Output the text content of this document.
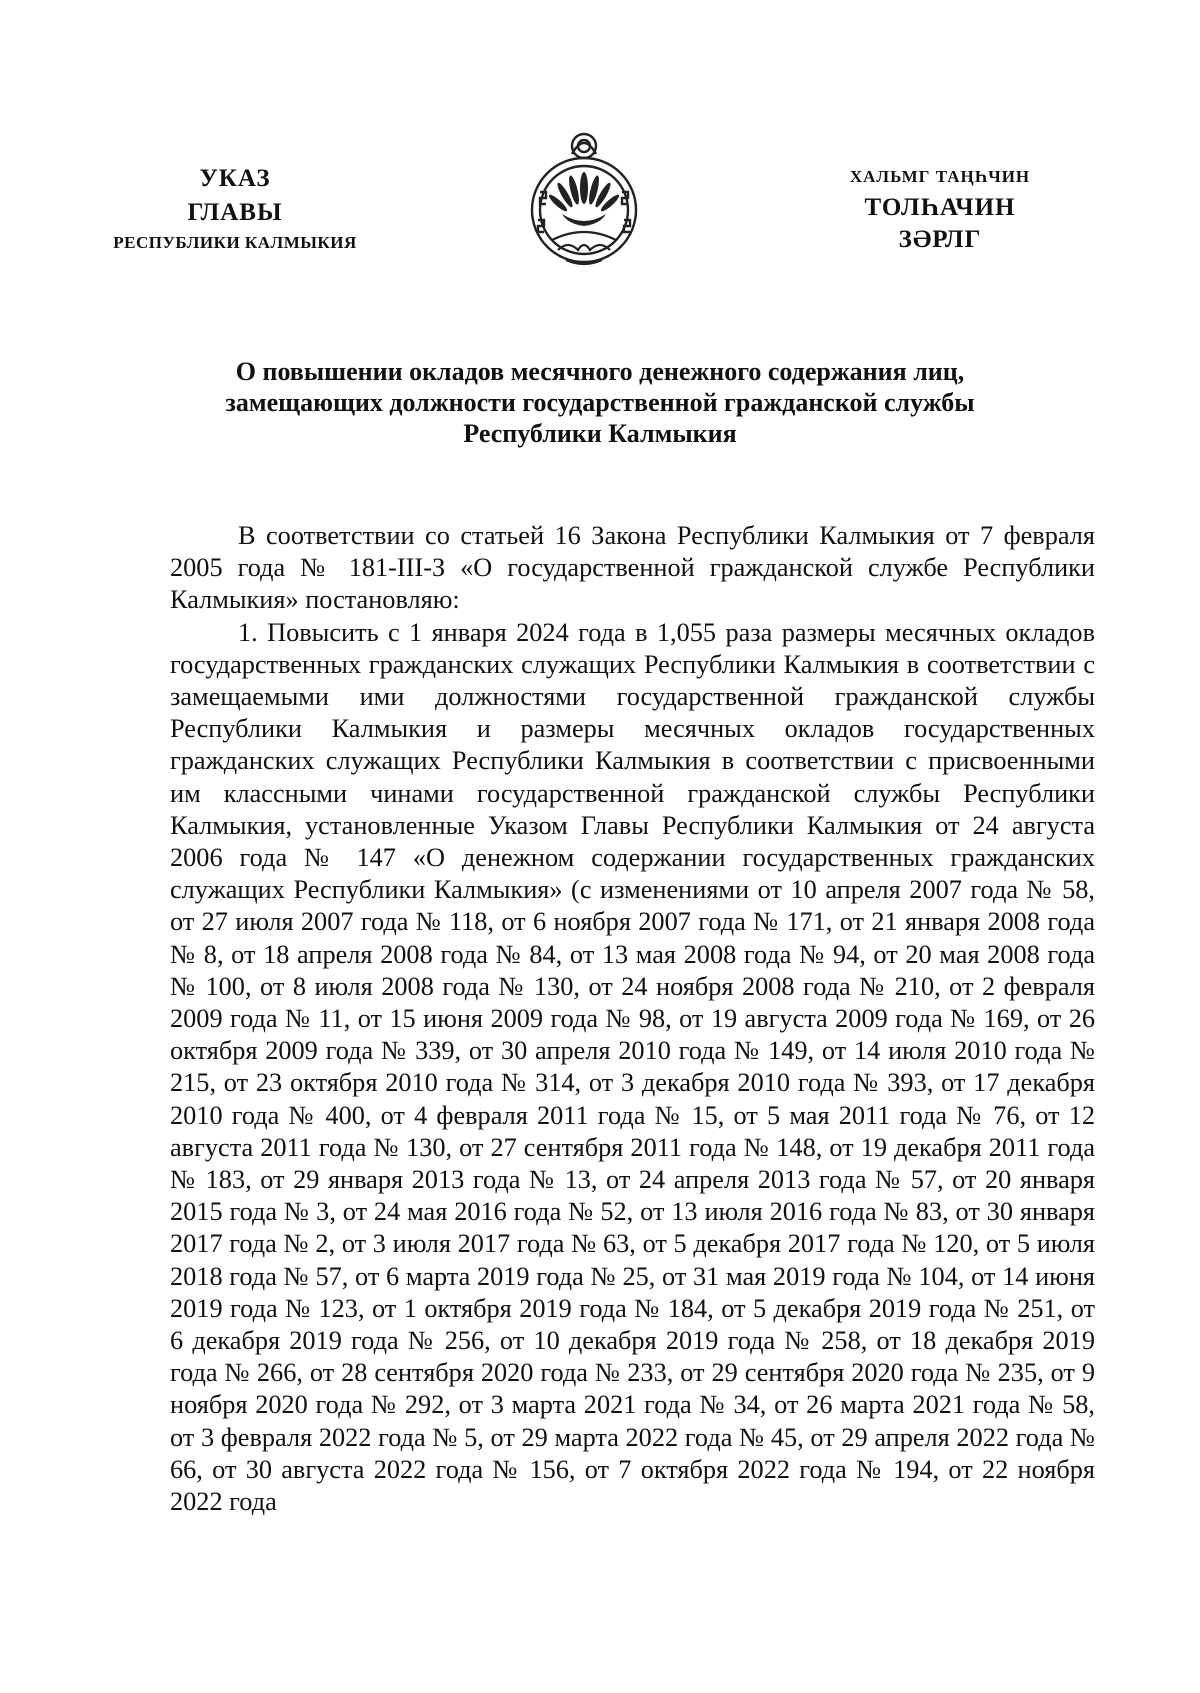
УКАЗ
ГЛАВЫ
РЕСПУБЛИКИ КАЛМЫКИЯ
ХАЛЬМГ ТАҢҺЧИН
ТОЛҺАЧИН
ЗӘРЛГ
О повышении окладов месячного денежного содержания лиц,
замещающих должности государственной гражданской службы
Республики Калмыкия

В соответствии со статьей 16 Закона Республики Калмыкия от 7 февраля 2005 года № 181-III-З «О государственной гражданской службе Республики Калмыкия» постановляю:

1. Повысить с 1 января 2024 года в 1,055 раза размеры месячных окладов государственных гражданских служащих Республики Калмыкия в соответствии с замещаемыми ими должностями государственной гражданской службы Республики Калмыкия и размеры месячных окладов государственных гражданских служащих Республики Калмыкия в соответствии с присвоенными им классными чинами государственной гражданской службы Республики Калмыкия, установленные Указом Главы Республики Калмыкия от 24 августа 2006 года № 147 «О денежном содержании государственных гражданских служащих Республики Калмыкия» (с изменениями от 10 апреля 2007 года № 58, от 27 июля 2007 года № 118, от 6 ноября 2007 года № 171, от 21 января 2008 года № 8, от 18 апреля 2008 года № 84, от 13 мая 2008 года № 94, от 20 мая 2008 года № 100, от 8 июля 2008 года № 130, от 24 ноября 2008 года № 210, от 2 февраля 2009 года № 11, от 15 июня 2009 года № 98, от 19 августа 2009 года № 169, от 26 октября 2009 года № 339, от 30 апреля 2010 года № 149, от 14 июля 2010 года № 215, от 23 октября 2010 года № 314, от 3 декабря 2010 года № 393, от 17 декабря 2010 года № 400, от 4 февраля 2011 года № 15, от 5 мая 2011 года № 76, от 12 августа 2011 года № 130, от 27 сентября 2011 года № 148, от 19 декабря 2011 года № 183, от 29 января 2013 года № 13, от 24 апреля 2013 года № 57, от 20 января 2015 года № 3, от 24 мая 2016 года № 52, от 13 июля 2016 года № 83, от 30 января 2017 года № 2, от 3 июля 2017 года № 63, от 5 декабря 2017 года № 120, от 5 июля 2018 года № 57, от 6 марта 2019 года № 25, от 31 мая 2019 года № 104, от 14 июня 2019 года № 123, от 1 октября 2019 года № 184, от 5 декабря 2019 года № 251, от 6 декабря 2019 года № 256, от 10 декабря 2019 года № 258, от 18 декабря 2019 года № 266, от 28 сентября 2020 года № 233, от 29 сентября 2020 года № 235, от 9 ноября 2020 года № 292, от 3 марта 2021 года № 34, от 26 марта 2021 года № 58, от 3 февраля 2022 года № 5, от 29 марта 2022 года № 45, от 29 апреля 2022 года № 66, от 30 августа 2022 года № 156, от 7 октября 2022 года № 194, от 22 ноября 2022 года
